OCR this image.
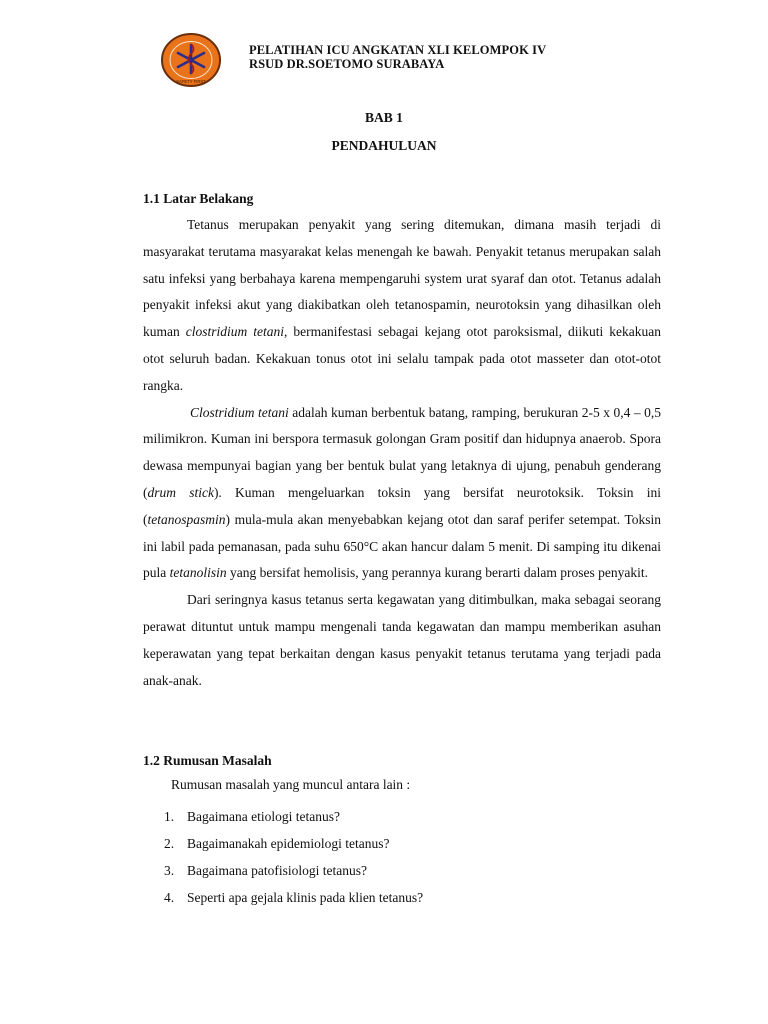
SAFETY FIRST
PELATIHAN ICU ANGKATAN XLI KELOMPOK IV
RSUD DR.SOETOMO SURABAYA
BAB 1
PENDAHULUAN
1.1 Latar Belakang

Tetanus merupakan penyakit yang sering ditemukan, dimana masih terjadi di masyarakat terutama masyarakat kelas menengah ke bawah. Penyakit tetanus merupakan salah satu infeksi yang berbahaya karena mempengaruhi system urat syaraf dan otot. Tetanus adalah penyakit infeksi akut yang diakibatkan oleh tetanospamin, neurotoksin yang dihasilkan oleh kuman clostridium tetani, bermanifestasi sebagai kejang otot paroksismal, diikuti kekakuan otot seluruh badan. Kekakuan tonus otot ini selalu tampak pada otot masseter dan otot-otot rangka.

Clostridium tetani adalah kuman berbentuk batang, ramping, berukuran 2-5 x 0,4 – 0,5 milimikron. Kuman ini berspora termasuk golongan Gram positif dan hidupnya anaerob. Spora dewasa mempunyai bagian yang ber bentuk bulat yang letaknya di ujung, penabuh genderang (drum stick). Kuman mengeluarkan toksin yang bersifat neurotoksik. Toksin ini (tetanospasmin) mula-mula akan menyebabkan kejang otot dan saraf perifer setempat. Toksin ini labil pada pemanasan, pada suhu 650°C akan hancur dalam 5 menit. Di samping itu dikenai pula tetanolisin yang bersifat hemolisis, yang perannya kurang berarti dalam proses penyakit.

Dari seringnya kasus tetanus serta kegawatan yang ditimbulkan, maka sebagai seorang perawat dituntut untuk mampu mengenali tanda kegawatan dan mampu memberikan asuhan keperawatan yang tepat berkaitan dengan kasus penyakit tetanus terutama yang terjadi pada anak-anak.

1.2 Rumusan Masalah
Rumusan masalah yang muncul antara lain :
1. Bagaimana etiologi tetanus?
2. Bagaimanakah epidemiologi tetanus?
3. Bagaimana patofisiologi tetanus?
4. Seperti apa gejala klinis pada klien tetanus?
